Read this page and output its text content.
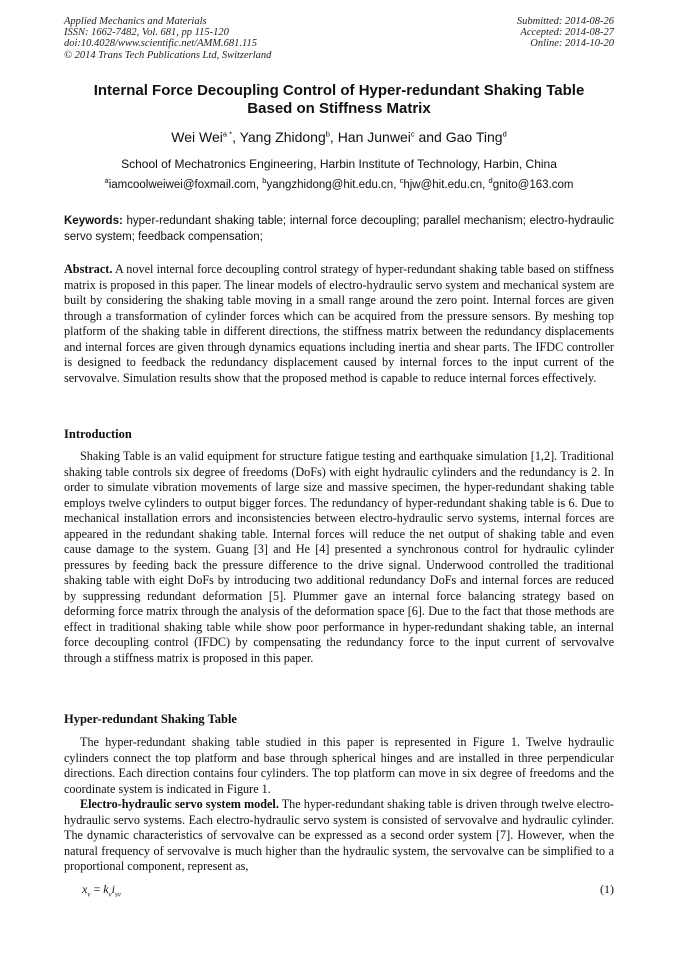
Applied Mechanics and Materials
ISSN: 1662-7482, Vol. 681, pp 115-120
doi:10.4028/www.scientific.net/AMM.681.115
© 2014 Trans Tech Publications Ltd, Switzerland
Submitted: 2014-08-26
Accepted: 2014-08-27
Online: 2014-10-20
Internal Force Decoupling Control of Hyper-redundant Shaking Table
Based on Stiffness Matrix
Wei Wei$^{a *}$, Yang Zhidong$^b$, Han Junwei$^c$ and Gao Ting$^d$
School of Mechatronics Engineering, Harbin Institute of Technology, Harbin, China
$^a$iamcoolweiwei@foxmail.com, $^b$yangzhidong@hit.edu.cn, $^c$hjw@hit.edu.cn, $^d$gnito@163.com
Keywords: hyper-redundant shaking table; internal force decoupling; parallel mechanism; electro-hydraulic servo system; feedback compensation;
Abstract. A novel internal force decoupling control strategy of hyper-redundant shaking table based on stiffness matrix is proposed in this paper. The linear models of electro-hydraulic servo system and mechanical system are built by considering the shaking table moving in a small range around the zero point. Internal forces are given through a transformation of cylinder forces which can be acquired from the pressure sensors. By meshing top platform of the shaking table in different directions, the stiffness matrix between the redundancy displacements and internal forces are given through dynamics equations including inertia and shear parts. The IFDC controller is designed to feedback the redundancy displacement caused by internal forces to the input current of the servovalve. Simulation results show that the proposed method is capable to reduce internal forces effectively.
Introduction
Shaking Table is an valid equipment for structure fatigue testing and earthquake simulation [1,2]. Traditional shaking table controls six degree of freedoms (DoFs) with eight hydraulic cylinders and the redundancy is 2. In order to simulate vibration movements of large size and massive specimen, the hyper-redundant shaking table employs twelve cylinders to output bigger forces. The redundancy of hyper-redundant shaking table is 6. Due to mechanical installation errors and inconsistencies between electro-hydraulic servo systems, internal forces are appeared in the redundant shaking table. Internal forces will reduce the net output of shaking table and even cause damage to the system. Guang [3] and He [4] presented a synchronous control for hydraulic cylinder pressures by feeding back the pressure difference to the drive signal. Underwood controlled the traditional shaking table with eight DoFs by introducing two additional redundancy DoFs and internal forces are reduced by suppressing redundant deformation [5]. Plummer gave an internal force balancing strategy based on deforming force matrix through the analysis of the deformation space [6]. Due to the fact that those methods are effect in traditional shaking table while show poor performance in hyper-redundant shaking table, an internal force decoupling control (IFDC) by compensating the redundancy force to the input current of servovalve through a stiffness matrix is proposed in this paper.
Hyper-redundant Shaking Table
The hyper-redundant shaking table studied in this paper is represented in Figure 1. Twelve hydraulic cylinders connect the top platform and base through spherical hinges and are installed in three perpendicular directions. Each direction contains four cylinders. The top platform can move in six degree of freedoms and the coordinate system is indicated in Figure 1.
Electro-hydraulic servo system model. The hyper-redundant shaking table is driven through twelve electro-hydraulic servo systems. Each electro-hydraulic servo system is consisted of servovalve and hydraulic cylinder. The dynamic characteristics of servovalve can be expressed as a second order system [7]. However, when the natural frequency of servovalve is much higher than the hydraulic system, the servovalve can be simplified to a proportional component, represent as,
$x_v = k_vi_{sv}$	(1)
